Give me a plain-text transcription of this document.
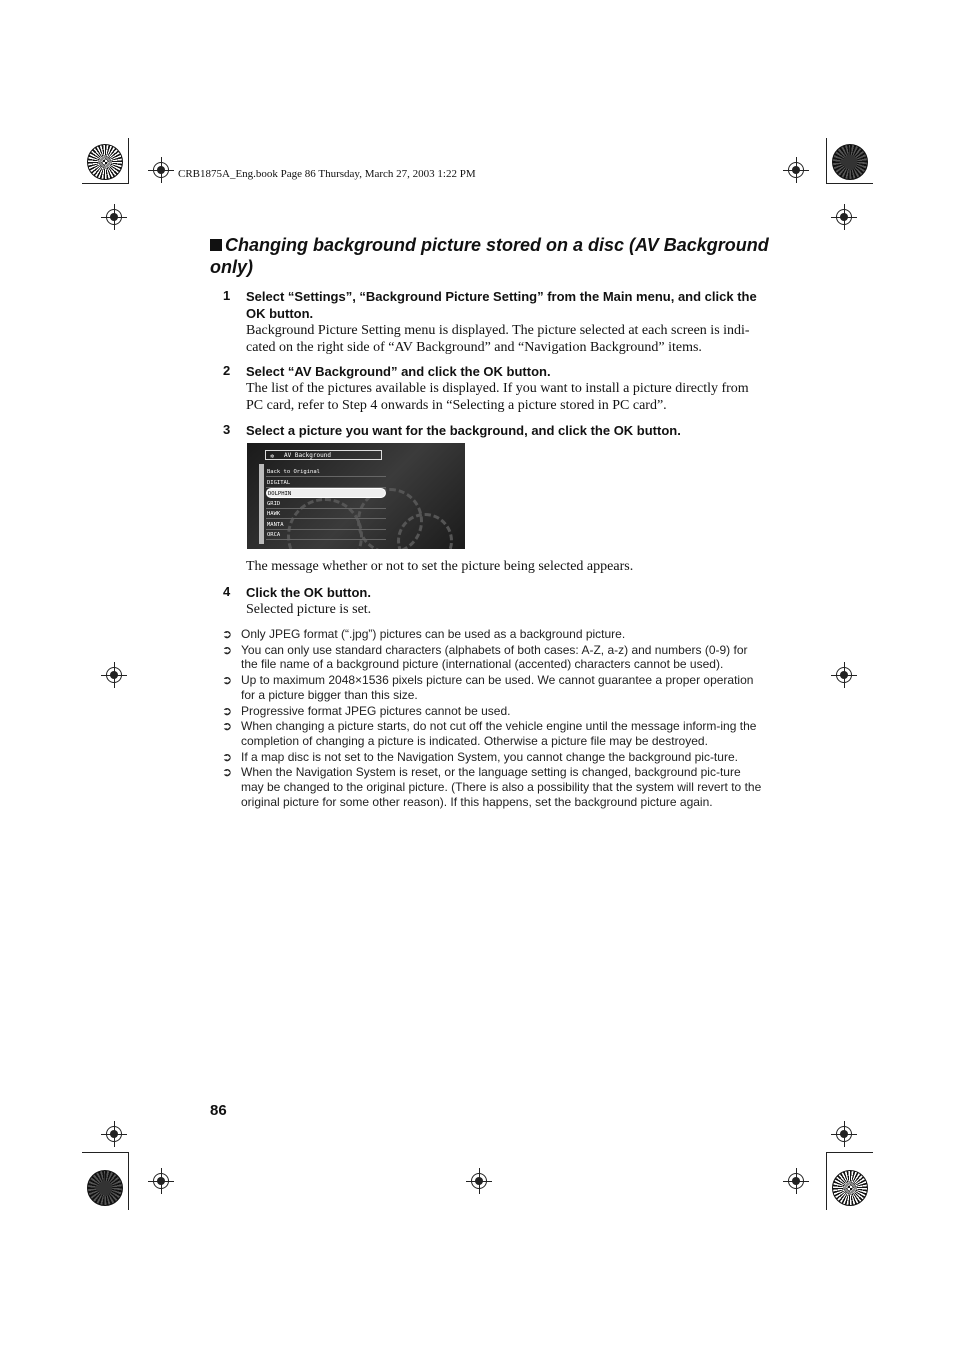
CRB1875A_Eng.book Page 86 Thursday, March 27, 2003 1:22 PM
Changing background picture stored on a disc (AV Background only)
1 Select “Settings”, “Background Picture Setting” from the Main menu, and click the OK button.
Background Picture Setting menu is displayed. The picture selected at each screen is indi-cated on the right side of “AV Background” and “Navigation Background” items.
2 Select “AV Background” and click the OK button.
The list of the pictures available is displayed. If you want to install a picture directly from PC card, refer to Step 4 onwards in “Selecting a picture stored in PC card”.
3 Select a picture you want for the background, and click the OK button.
✲ AV Background
Back to Original
DIGITAL
DOLPHIN
GRID
HAWK
MANTA
ORCA
The message whether or not to set the picture being selected appears.
4 Click the OK button.
Selected picture is set.
➲ Only JPEG format (“.jpg”) pictures can be used as a background picture.
➲ You can only use standard characters (alphabets of both cases: A-Z, a-z) and numbers (0-9) for the file name of a background picture (international (accented) characters cannot be used).
➲ Up to maximum 2048×1536 pixels picture can be used. We cannot guarantee a proper operation for a picture bigger than this size.
➲ Progressive format JPEG pictures cannot be used.
➲ When changing a picture starts, do not cut off the vehicle engine until the message inform-ing the completion of changing a picture is indicated. Otherwise a picture file may be destroyed.
➲ If a map disc is not set to the Navigation System, you cannot change the background pic-ture.
➲ When the Navigation System is reset, or the language setting is changed, background pic-ture may be changed to the original picture. (There is also a possibility that the system will revert to the original picture for some other reason). If this happens, set the background picture again.
86
